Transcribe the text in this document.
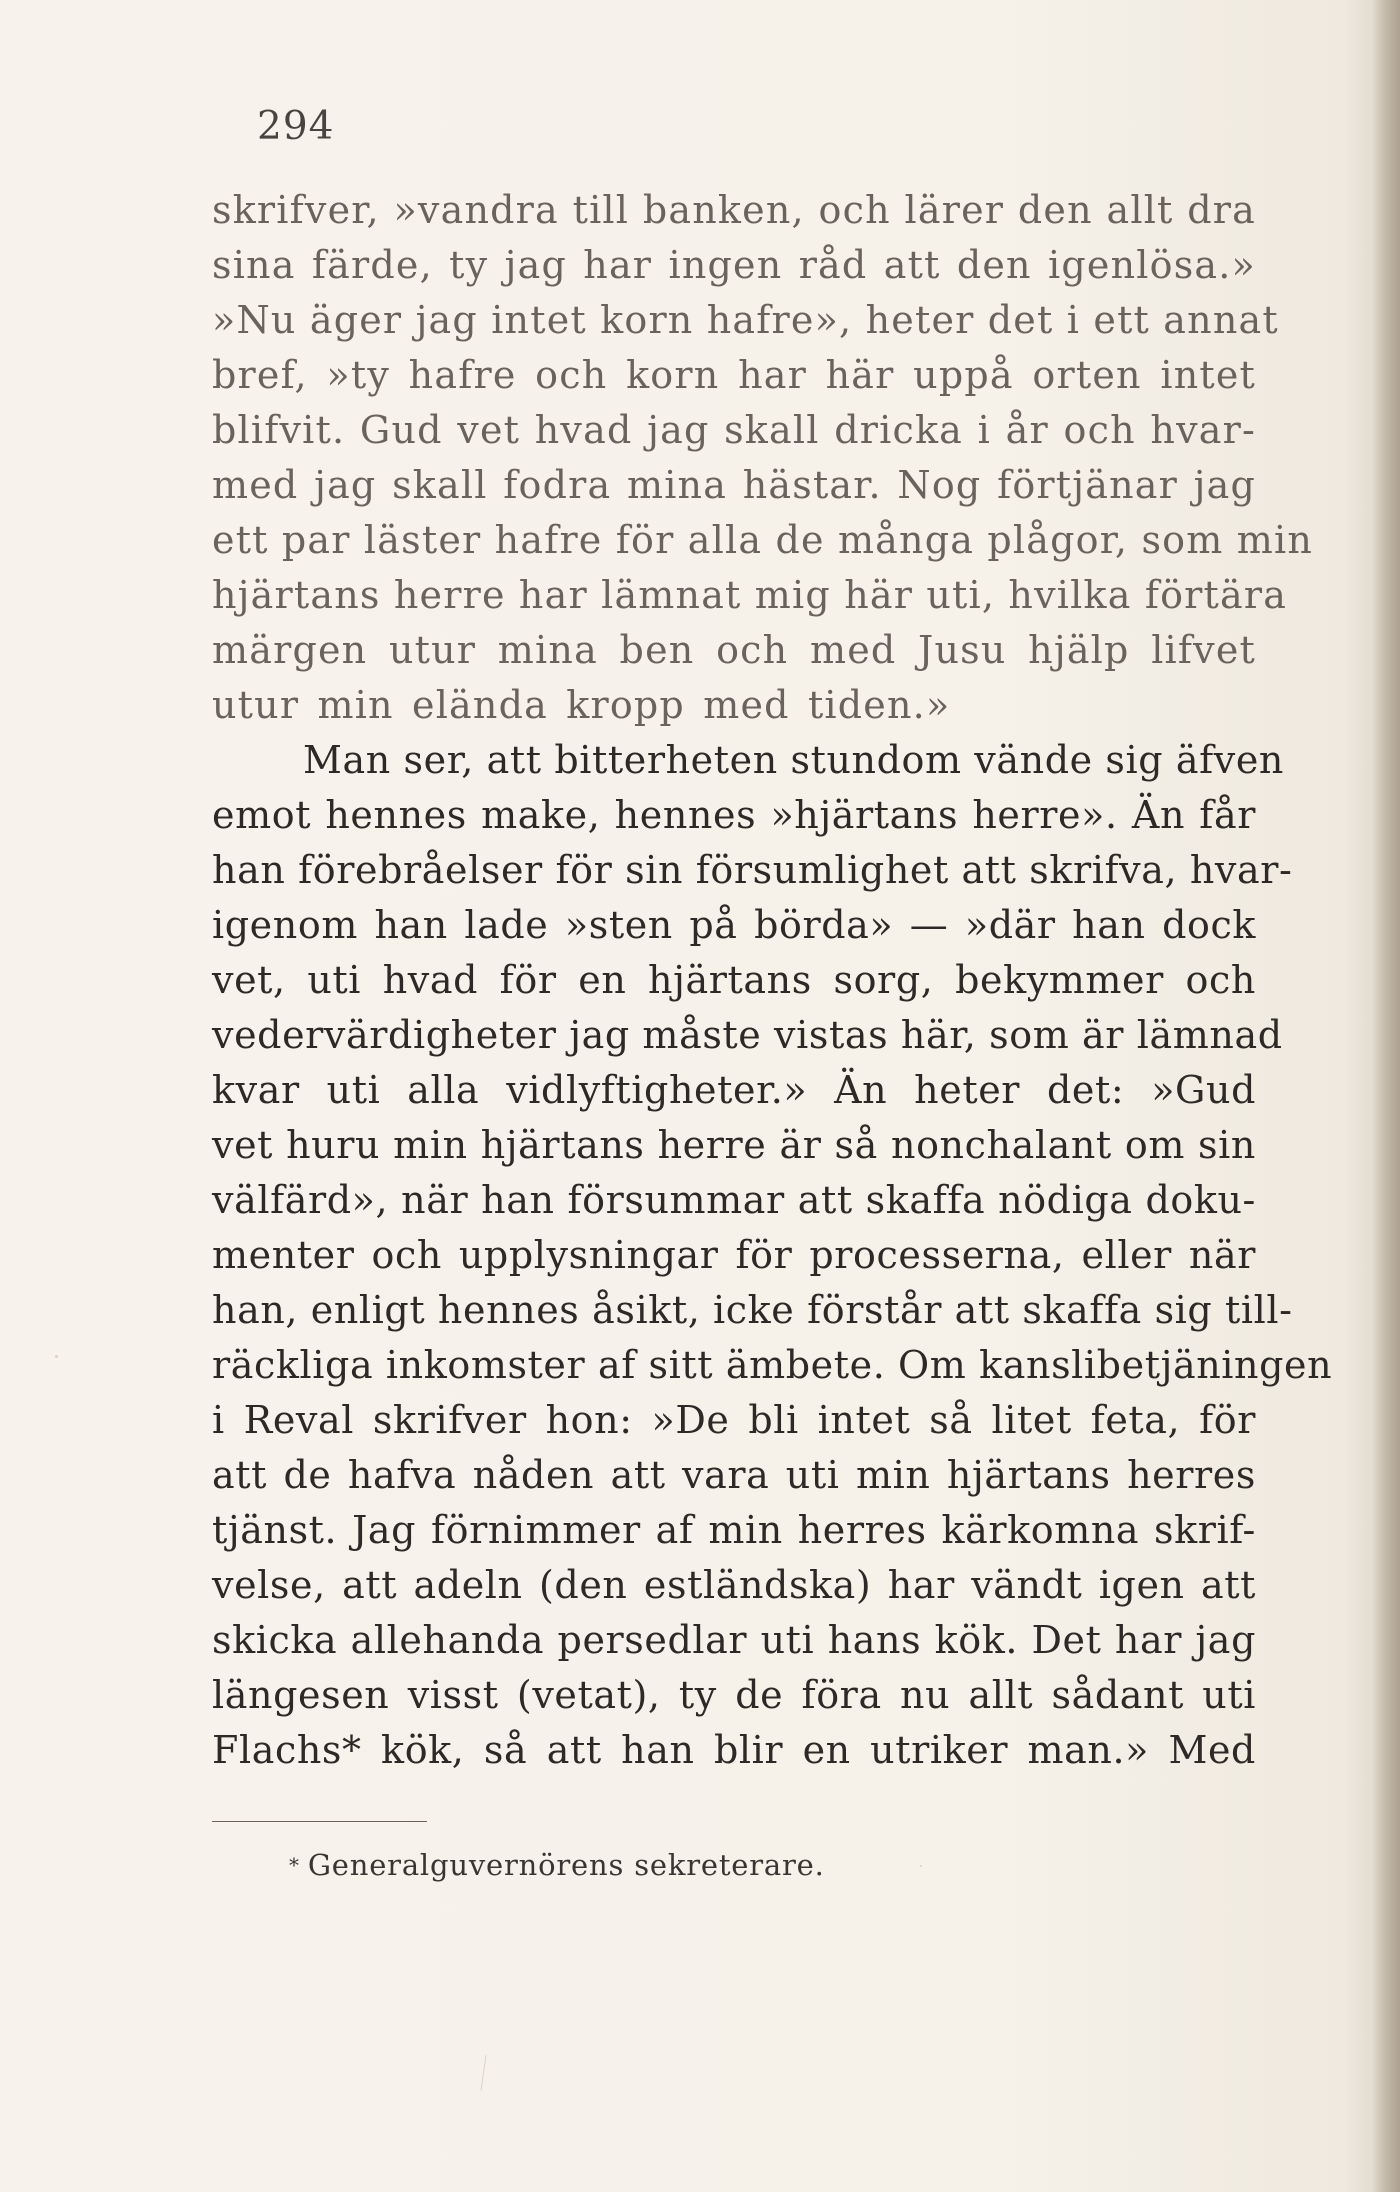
294
skrifver, »vandra till banken, och lärer den allt dra
sina färde, ty jag har ingen råd att den igenlösa.»
»Nu äger jag intet korn hafre», heter det i ett annat
bref, »ty hafre och korn har här uppå orten intet
blifvit. Gud vet hvad jag skall dricka i år och hvar-
med jag skall fodra mina hästar. Nog förtjänar jag
ett par läster hafre för alla de många plågor, som min
hjärtans herre har lämnat mig här uti, hvilka förtära
märgen utur mina ben och med Jusu hjälp lifvet
utur min elända kropp med tiden.»
Man ser, att bitterheten stundom vände sig äfven
emot hennes make, hennes »hjärtans herre». Än får
han förebråelser för sin försumlighet att skrifva, hvar-
igenom han lade »sten på börda» — »där han dock
vet, uti hvad för en hjärtans sorg, bekymmer och
vedervärdigheter jag måste vistas här, som är lämnad
kvar uti alla vidlyftigheter.» Än heter det: »Gud
vet huru min hjärtans herre är så nonchalant om sin
välfärd», när han försummar att skaffa nödiga doku-
menter och upplysningar för processerna, eller när
han, enligt hennes åsikt, icke förstår att skaffa sig till-
räckliga inkomster af sitt ämbete. Om kanslibetjäningen
i Reval skrifver hon: »De bli intet så litet feta, för
att de hafva nåden att vara uti min hjärtans herres
tjänst. Jag förnimmer af min herres kärkomna skrif-
velse, att adeln (den estländska) har vändt igen att
skicka allehanda persedlar uti hans kök. Det har jag
längesen visst (vetat), ty de föra nu allt sådant uti
Flachs* kök, så att han blir en utriker man.» Med
* Generalguvernörens sekreterare.
